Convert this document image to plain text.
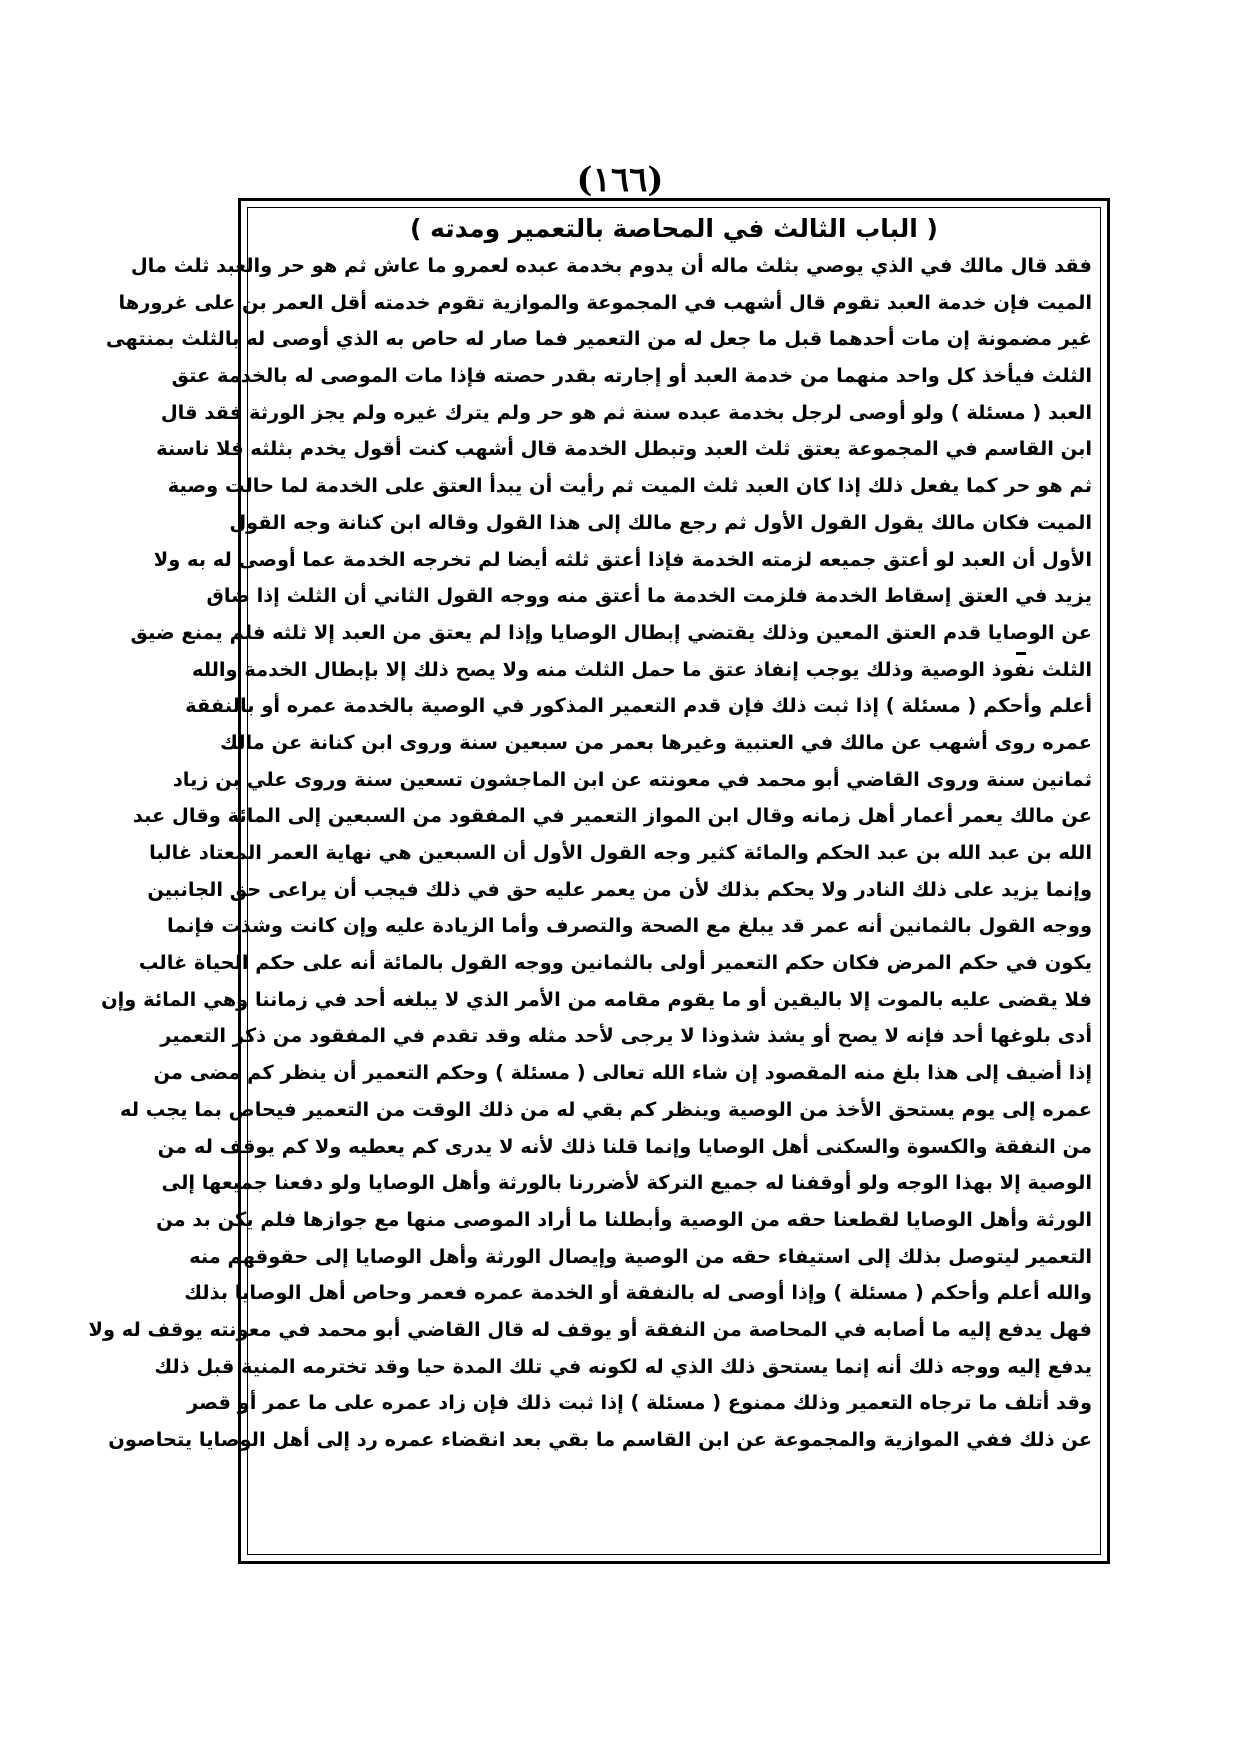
(١٦٦)
( الباب الثالث في المحاصة بالتعمير ومدته )
فقد قال مالك في الذي يوصي بثلث ماله أن يدوم بخدمة عبده لعمرو ما عاش ثم هو حر والعبد ثلث مال
الميت فإن خدمة العبد تقوم قال أشهب في المجموعة والموازية تقوم خدمته أقل العمر بن على غرورها
غير مضمونة إن مات أحدهما قبل ما جعل له من التعمير فما صار له حاص به الذي أوصى له بالثلث بمنتهى
الثلث فيأخذ كل واحد منهما من خدمة العبد أو إجارته بقدر حصته فإذا مات الموصى له بالخدمة عتق
العبد ( مسئلة ) ولو أوصى لرجل بخدمة عبده سنة ثم هو حر ولم يترك غيره ولم يجز الورثة فقد قال
ابن القاسم في المجموعة يعتق ثلث العبد وتبطل الخدمة قال أشهب كنت أقول يخدم بثلثه فلا ناسنة
ثم هو حر كما يفعل ذلك إذا كان العبد ثلث الميت ثم رأيت أن يبدأ العتق على الخدمة لما حالت وصية
الميت فكان مالك يقول القول الأول ثم رجع مالك إلى هذا القول وقاله ابن كنانة وجه القول
الأول أن العبد لو أعتق جميعه لزمته الخدمة فإذا أعتق ثلثه أيضا لم تخرجه الخدمة عما أوصى له به ولا
يزيد في العتق إسقاط الخدمة فلزمت الخدمة ما أعتق منه ووجه القول الثاني أن الثلث إذا ضاق
عن الوصايا قدم العتق المعين وذلك يقتضي إبطال الوصايا وإذا لم يعتق من العبد إلا ثلثه فلم يمنع ضيق
الثلث نفوذ الوصية وذلك يوجب إنفاذ عتق ما حمل الثلث منه ولا يصح ذلك إلا بإبطال الخدمة والله
أعلم وأحكم ( مسئلة ) إذا ثبت ذلك فإن قدم التعمير المذكور في الوصية بالخدمة عمره أو بالنفقة
عمره روى أشهب عن مالك في العتبية وغيرها بعمر من سبعين سنة وروى ابن كنانة عن مالك
ثمانين سنة وروى القاضي أبو محمد في معونته عن ابن الماجشون تسعين سنة وروى علي بن زياد
عن مالك يعمر أعمار أهل زمانه وقال ابن المواز التعمير في المفقود من السبعين إلى المائة وقال عبد
الله بن عبد الله بن عبد الحكم والمائة كثير وجه القول الأول أن السبعين هي نهاية العمر المعتاد غالبا
وإنما يزيد على ذلك النادر ولا يحكم بذلك لأن من يعمر عليه حق في ذلك فيجب أن يراعى حق الجانبين
ووجه القول بالثمانين أنه عمر قد يبلغ مع الصحة والتصرف وأما الزيادة عليه وإن كانت وشذت فإنما
يكون في حكم المرض فكان حكم التعمير أولى بالثمانين ووجه القول بالمائة أنه على حكم الحياة غالب
فلا يقضى عليه بالموت إلا باليقين أو ما يقوم مقامه من الأمر الذي لا يبلغه أحد في زماننا وهي المائة وإن
أدى بلوغها أحد فإنه لا يصح أو يشذ شذوذا لا يرجى لأحد مثله وقد تقدم في المفقود من ذكر التعمير
إذا أضيف إلى هذا بلغ منه المقصود إن شاء الله تعالى ( مسئلة ) وحكم التعمير أن ينظر كم مضى من
عمره إلى يوم يستحق الأخذ من الوصية وينظر كم بقي له من ذلك الوقت من التعمير فيحاص بما يجب له
من النفقة والكسوة والسكنى أهل الوصايا وإنما قلنا ذلك لأنه لا يدرى كم يعطيه ولا كم يوقف له من
الوصية إلا بهذا الوجه ولو أوقفنا له جميع التركة لأضررنا بالورثة وأهل الوصايا ولو دفعنا جميعها إلى
الورثة وأهل الوصايا لقطعنا حقه من الوصية وأبطلنا ما أراد الموصى منها مع جوازها فلم يكن بد من
التعمير ليتوصل بذلك إلى استيفاء حقه من الوصية وإيصال الورثة وأهل الوصايا إلى حقوقهم منه
والله أعلم وأحكم ( مسئلة ) وإذا أوصى له بالنفقة أو الخدمة عمره فعمر وحاص أهل الوصايا بذلك
فهل يدفع إليه ما أصابه في المحاصة من النفقة أو يوقف له قال القاضي أبو محمد في معونته يوقف له ولا
يدفع إليه ووجه ذلك أنه إنما يستحق ذلك الذي له لكونه في تلك المدة حيا وقد تخترمه المنية قبل ذلك
وقد أتلف ما ترجاه التعمير وذلك ممنوع ( مسئلة ) إذا ثبت ذلك فإن زاد عمره على ما عمر أو قصر
عن ذلك ففي الموازية والمجموعة عن ابن القاسم ما بقي بعد انقضاء عمره رد إلى أهل الوصايا يتحاصون
